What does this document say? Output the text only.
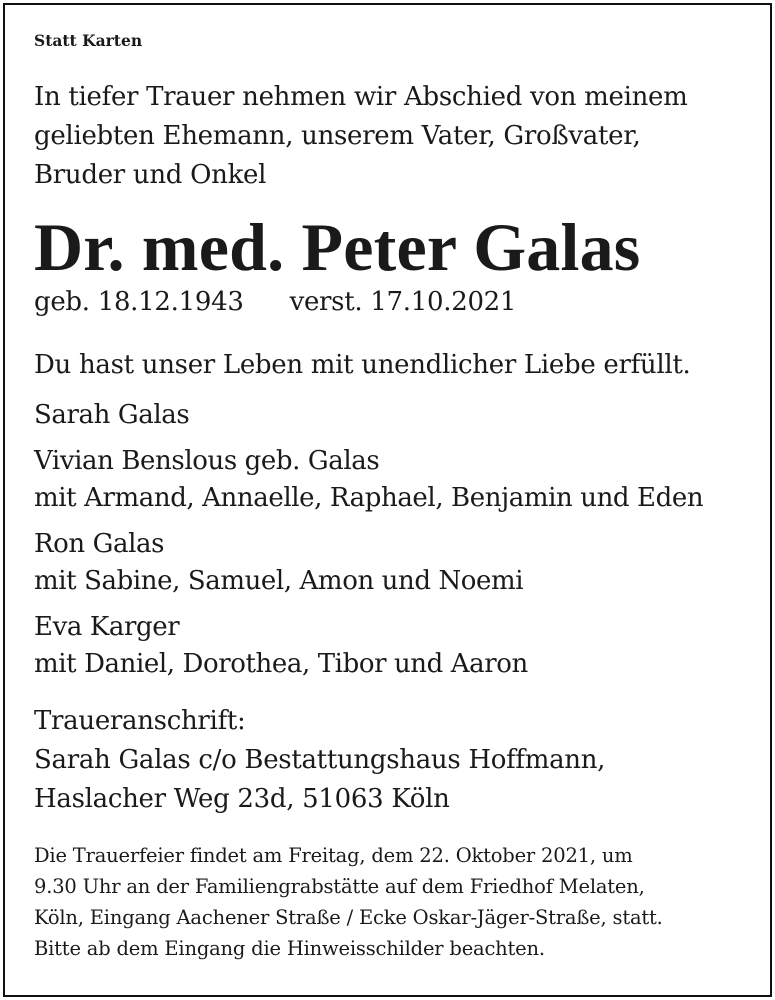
Statt Karten

In tiefer Trauer nehmen wir Abschied von meinem
geliebten Ehemann, unserem Vater, Großvater,
Bruder und Onkel
Dr. med. Peter Galas
geb. 18.12.1943 verst. 17.10.2021

Du hast unser Leben mit unendlicher Liebe erfüllt.

Sarah Galas
Vivian Benslous geb. Galas
mit Armand, Annaelle, Raphael, Benjamin und Eden
Ron Galas
mit Sabine, Samuel, Amon und Noemi
Eva Karger
mit Daniel, Dorothea, Tibor und Aaron
Traueranschrift:
Sarah Galas c/o Bestattungshaus Hoffmann,
Haslacher Weg 23d, 51063 Köln
Die Trauerfeier findet am Freitag, dem 22. Oktober 2021, um
9.30 Uhr an der Familiengrabstätte auf dem Friedhof Melaten,
Köln, Eingang Aachener Straße / Ecke Oskar-Jäger-Straße, statt.
Bitte ab dem Eingang die Hinweisschilder beachten.
